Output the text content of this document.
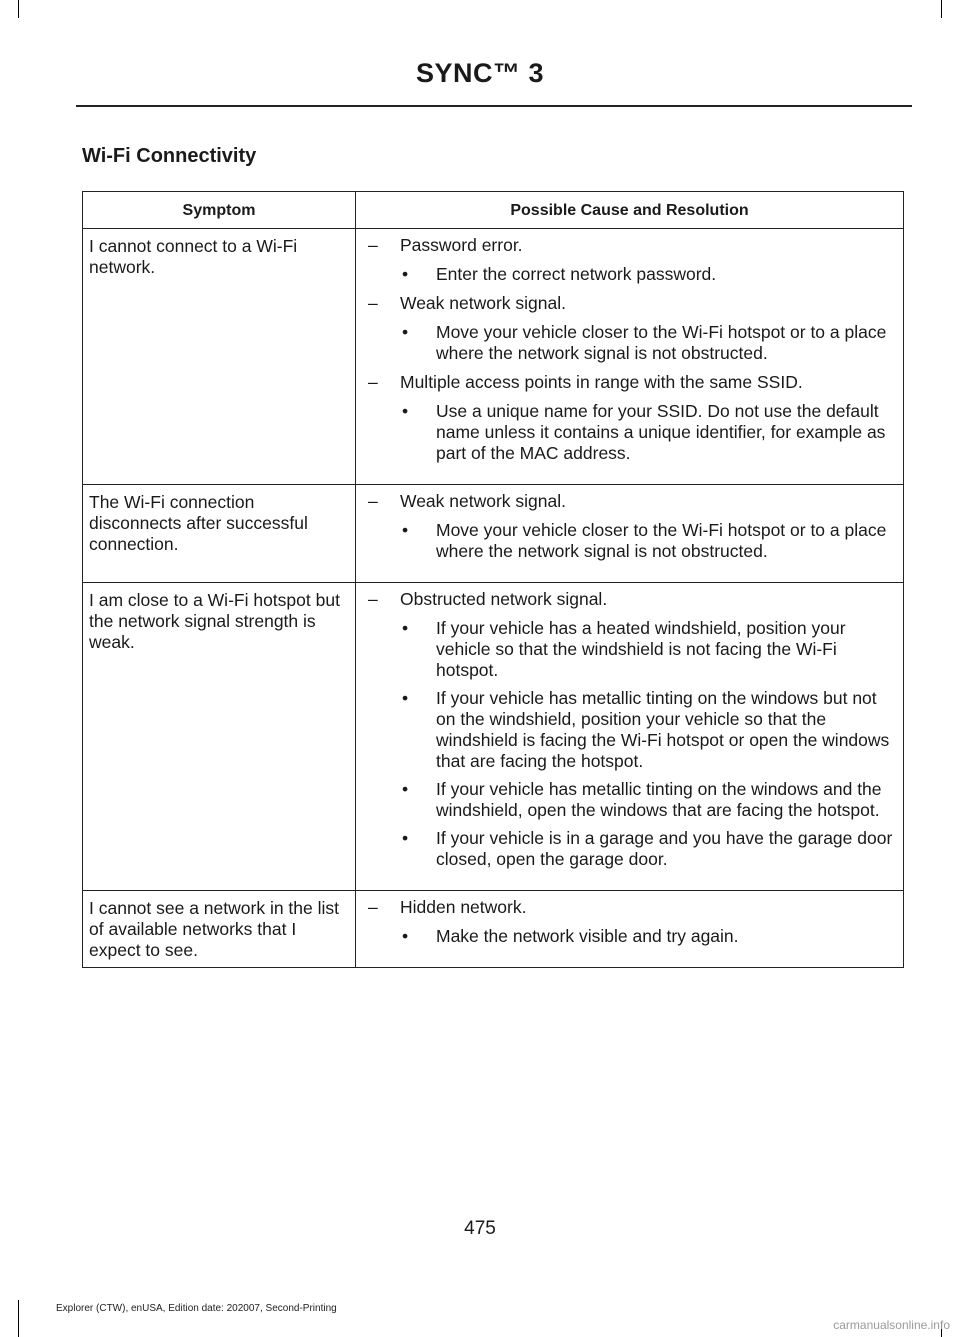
SYNC™ 3
Wi-Fi Connectivity
Symptom	Possible Cause and Resolution
I cannot connect to a Wi-Fi network.
–	Password error.
•	Enter the correct network password.
–	Weak network signal.
•	Move your vehicle closer to the Wi-Fi hotspot or to a place where the network signal is not obstructed.
–	Multiple access points in range with the same SSID.
•	Use a unique name for your SSID. Do not use the default name unless it contains a unique identifier, for example as part of the MAC address.
The Wi-Fi connection disconnects after successful connection.
–	Weak network signal.
•	Move your vehicle closer to the Wi-Fi hotspot or to a place where the network signal is not obstructed.
I am close to a Wi-Fi hotspot but the network signal strength is weak.
–	Obstructed network signal.
•	If your vehicle has a heated windshield, position your vehicle so that the windshield is not facing the Wi-Fi hotspot.
•	If your vehicle has metallic tinting on the windows but not on the windshield, position your vehicle so that the windshield is facing the Wi-Fi hotspot or open the windows that are facing the hotspot.
•	If your vehicle has metallic tinting on the windows and the windshield, open the windows that are facing the hotspot.
•	If your vehicle is in a garage and you have the garage door closed, open the garage door.
I cannot see a network in the list of available networks that I expect to see.
–	Hidden network.
•	Make the network visible and try again.
475
Explorer (CTW), enUSA, Edition date: 202007, Second-Printing
carmanualsonline.info
